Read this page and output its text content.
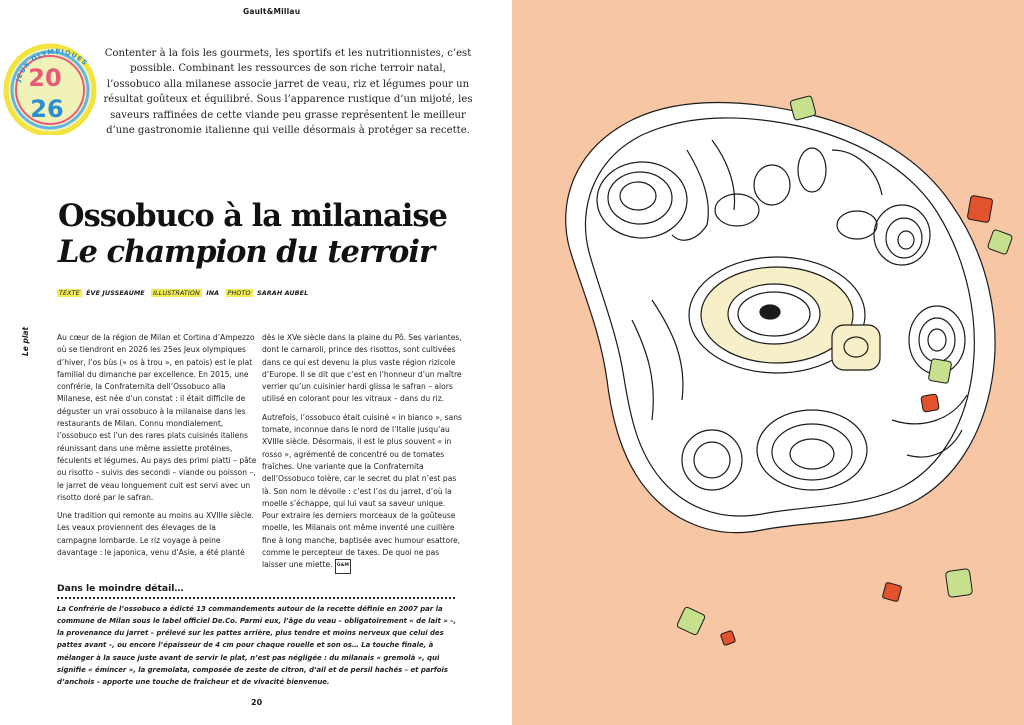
Gault&Millau
JEUX OLYMPIQUES
20
26
Contenter à la fois les gourmets, les sportifs et les nutritionnistes, c’est possible. Combinant les ressources de son riche terroir natal, l’ossobuco alla milanese associe jarret de veau, riz et légumes pour un résultat goûteux et équilibré. Sous l’apparence rustique d’un mijoté, les saveurs raffinées de cette viande peu grasse représentent le meilleur d’une gastronomie italienne qui veille désormais à protéger sa recette.
Ossobuco à la milanaise
Le champion du terroir
TEXTE ÈVE JUSSEAUME ILLUSTRATION INA PHOTO SARAH AUBEL
Le plat	Au cœur de la région de Milan et Cortina d’Ampezzo où se tiendront en 2026 les 25es Jeux olympiques d’hiver, l’os bùs (« os à trou », en patois) est le plat familial du dimanche par excellence. En 2015, une confrérie, la Confraternita dell’Ossobuco alla Milanese, est née d’un constat : il était difficile de déguster un vrai ossobuco à la milanaise dans les restaurants de Milan. Connu mondialement, l’ossobuco est l’un des rares plats cuisinés italiens réunissant dans une même assiette protéines, féculents et légumes. Au pays des primi piatti – pâte ou risotto – suivis des secondi – viande ou poisson –, le jarret de veau longuement cuit est servi avec un risotto doré par le safran.

Une tradition qui remonte au moins au XVIIIe siècle. Les veaux proviennent des élevages de la campagne lombarde. Le riz voyage à peine davantage : le japonica, venu d’Asie, a été planté

dès le XVe siècle dans la plaine du Pô. Ses variantes, dont le carnaroli, prince des risottos, sont cultivées dans ce qui est devenu la plus vaste région rizicole d’Europe. Il se dit que c’est en l’honneur d’un maître verrier qu’un cuisinier hardi glissa le safran – alors utilisé en colorant pour les vitraux – dans du riz.

Autrefois, l’ossobuco était cuisiné « in bianco », sans tomate, inconnue dans le nord de l’Italie jusqu’au XVIIIe siècle. Désormais, il est le plus souvent « in rosso », agrémenté de concentré ou de tomates fraîches. Une variante que la Confraternita dell’Ossobuco tolère, car le secret du plat n’est pas là. Son nom le dévoile : c’est l’os du jarret, d’où la moelle s’échappe, qui lui vaut sa saveur unique. Pour extraire les derniers morceaux de la goûteuse moelle, les Milanais ont même inventé une cuillère fine à long manche, baptisée avec humour esattore, comme le percepteur de taxes. De quoi ne pas laisser une miette. G&M

Dans le moindre détail…

La Confrérie de l’ossobuco a édicté 13 commandements autour de la recette définie en 2007 par la commune de Milan sous le label officiel De.Co. Parmi eux, l’âge du veau – obligatoirement « de lait » –, la provenance du jarret – prélevé sur les pattes arrière, plus tendre et moins nerveux que celui des pattes avant –, ou encore l’épaisseur de 4 cm pour chaque rouelle et son os… La touche finale, à mélanger à la sauce juste avant de servir le plat, n’est pas négligée : du milanais « gremolà », qui signifie « émincer », la gremolata, composée de zeste de citron, d’ail et de persil hachés – et parfois d’anchois – apporte une touche de fraîcheur et de vivacité bienvenue.

20
